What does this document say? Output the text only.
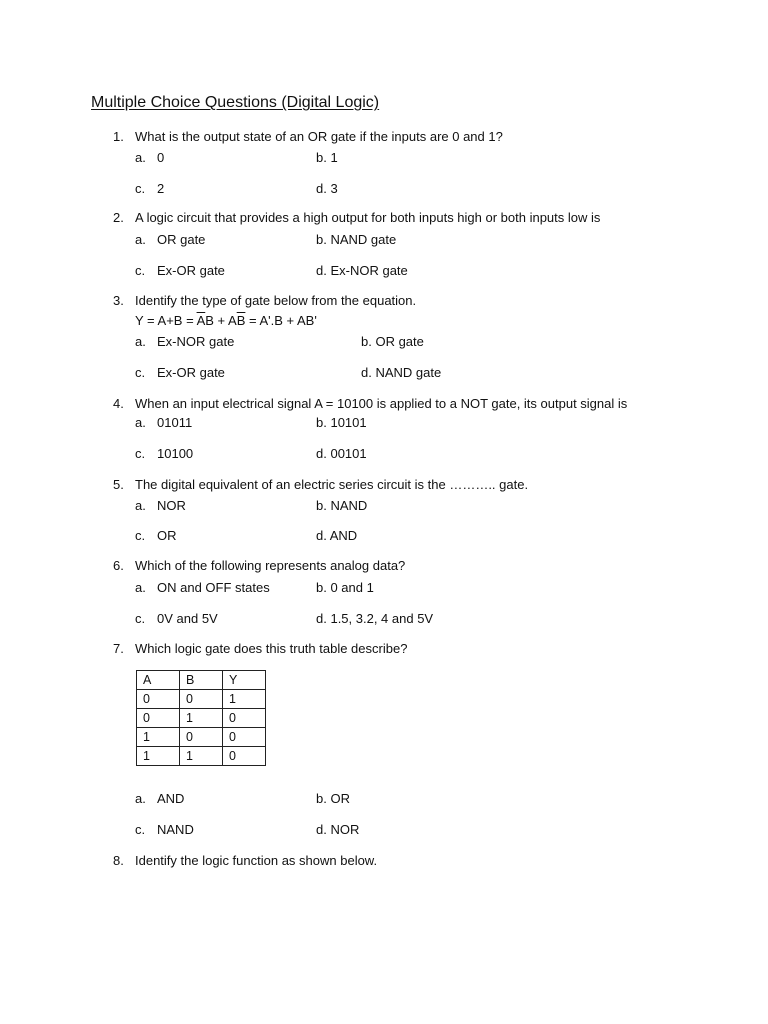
Multiple Choice Questions (Digital Logic)
1. What is the output state of an OR gate if the inputs are 0 and 1?
a. 0	b. 1
c. 2	d. 3
2. A logic circuit that provides a high output for both inputs high or both inputs low is
a. OR gate	b. NAND gate
c. Ex-OR gate	d. Ex-NOR gate
3. Identify the type of gate below from the equation.
$Y = A+B = \overline{A}B + A\overline{B} = A'.B + AB'$
a. Ex-NOR gate	b. OR gate
c. Ex-OR gate	d. NAND gate
4. When an input electrical signal A = 10100 is applied to a NOT gate, its output signal is
a. 01011	b. 10101
c. 10100	d. 00101
5. The digital equivalent of an electric series circuit is the ……….. gate.
a. NOR	b. NAND
c. OR	d. AND
6. Which of the following represents analog data?
a. ON and OFF states	b. 0 and 1
c. 0V and 5V	d. 1.5, 3.2, 4 and 5V
7. Which logic gate does this truth table describe?
A	B	Y
0	0	1
0	1	0
1	0	0
1	1	0
a. AND	b. OR
c. NAND	d. NOR
8. Identify the logic function as shown below.
